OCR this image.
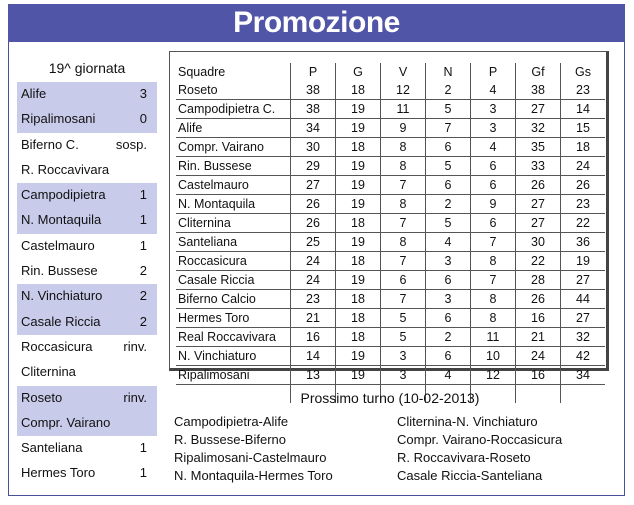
Promozione
19^ giornata
Alife	3
Ripalimosani	0
Biferno C.	sosp.
R. Roccavivara
Campodipietra	1
N. Montaquila	1
Castelmauro	1
Rin. Bussese	2
N. Vinchiaturo	2
Casale Riccia	2
Roccasicura rinv.
Cliternina
Roseto	rinv.
Compr. Vairano
Santeliana	1
Hermes Toro	1
Squadre	P	G	V	N	P	Gf	Gs
Roseto	38	18	12	2	4	38	23
Campodipietra C.	38	19	11	5	3	27	14
Alife	34	19	9	7	3	32	15
Compr. Vairano	30	18	8	6	4	35	18
Rin. Bussese	29	19	8	5	6	33	24
Castelmauro	27	19	7	6	6	26	26
N. Montaquila	26	19	8	2	9	27	23
Cliternina	26	18	7	5	6	27	22
Santeliana	25	19	8	4	7	30	36
Roccasicura	24	18	7	3	8	22	19
Casale Riccia	24	19	6	6	7	28	27
Biferno Calcio	23	18	7	3	8	26	44
Hermes Toro	21	18	5	6	8	16	27
Real Roccavivara	16	18	5	2	11	21	32
N. Vinchiaturo	14	19	3	6	10	24	42
Ripalimosani	13	19	3	4	12	16	34

Prossimo turno (10-02-2013)
Campodipietra-Alife
R. Bussese-Biferno
Ripalimosani-Castelmauro
N. Montaquila-Hermes Toro
Cliternina-N. Vinchiaturo
Compr. Vairano-Roccasicura
R. Roccavivara-Roseto
Casale Riccia-Santeliana
